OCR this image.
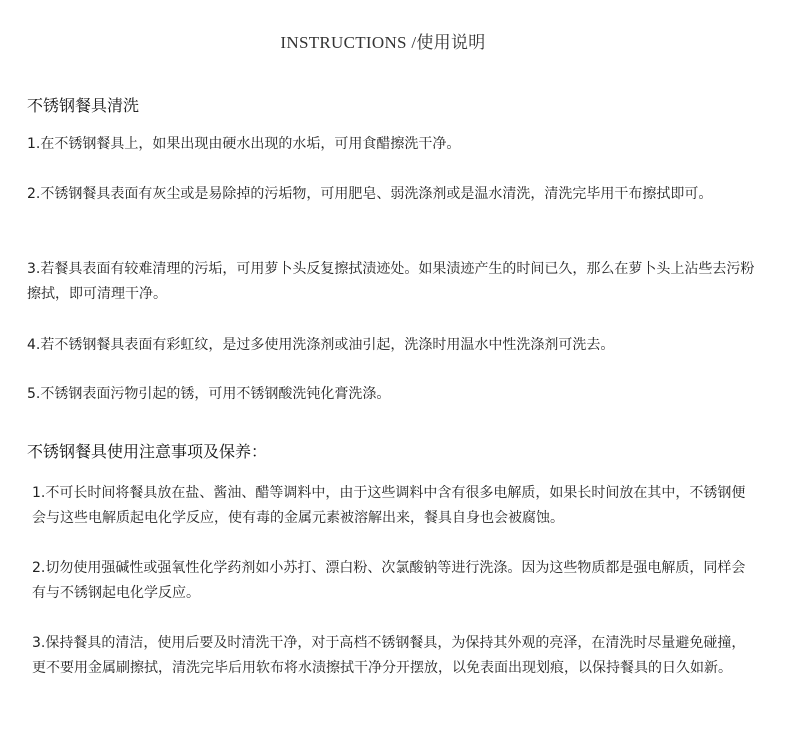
INSTRUCTIONS /使用说明
不锈钢餐具清洗
1.在不锈钢餐具上，如果出现由硬水出现的水垢，可用食醋擦洗干净。
2.不锈钢餐具表面有灰尘或是易除掉的污垢物，可用肥皂、弱洗涤剂或是温水清洗，清洗完毕用干布擦拭即可。
3.若餐具表面有较难清理的污垢，可用萝卜头反复擦拭渍迹处。如果渍迹产生的时间已久，那么在萝卜头上沾些去污粉擦拭，即可清理干净。
4.若不锈钢餐具表面有彩虹纹，是过多使用洗涤剂或油引起，洗涤时用温水中性洗涤剂可洗去。
5.不锈钢表面污物引起的锈，可用不锈钢酸洗钝化膏洗涤。
不锈钢餐具使用注意事项及保养：
1.不可长时间将餐具放在盐、酱油、醋等调料中，由于这些调料中含有很多电解质，如果长时间放在其中，不锈钢便会与这些电解质起电化学反应，使有毒的金属元素被溶解出来，餐具自身也会被腐蚀。
2.切勿使用强碱性或强氧性化学药剂如小苏打、漂白粉、次氯酸钠等进行洗涤。因为这些物质都是强电解质，同样会有与不锈钢起电化学反应。
3.保持餐具的清洁，使用后要及时清洗干净，对于高档不锈钢餐具，为保持其外观的亮泽，在清洗时尽量避免碰撞，更不要用金属刷擦拭，清洗完毕后用软布将水渍擦拭干净分开摆放，以免表面出现划痕，以保持餐具的日久如新。
